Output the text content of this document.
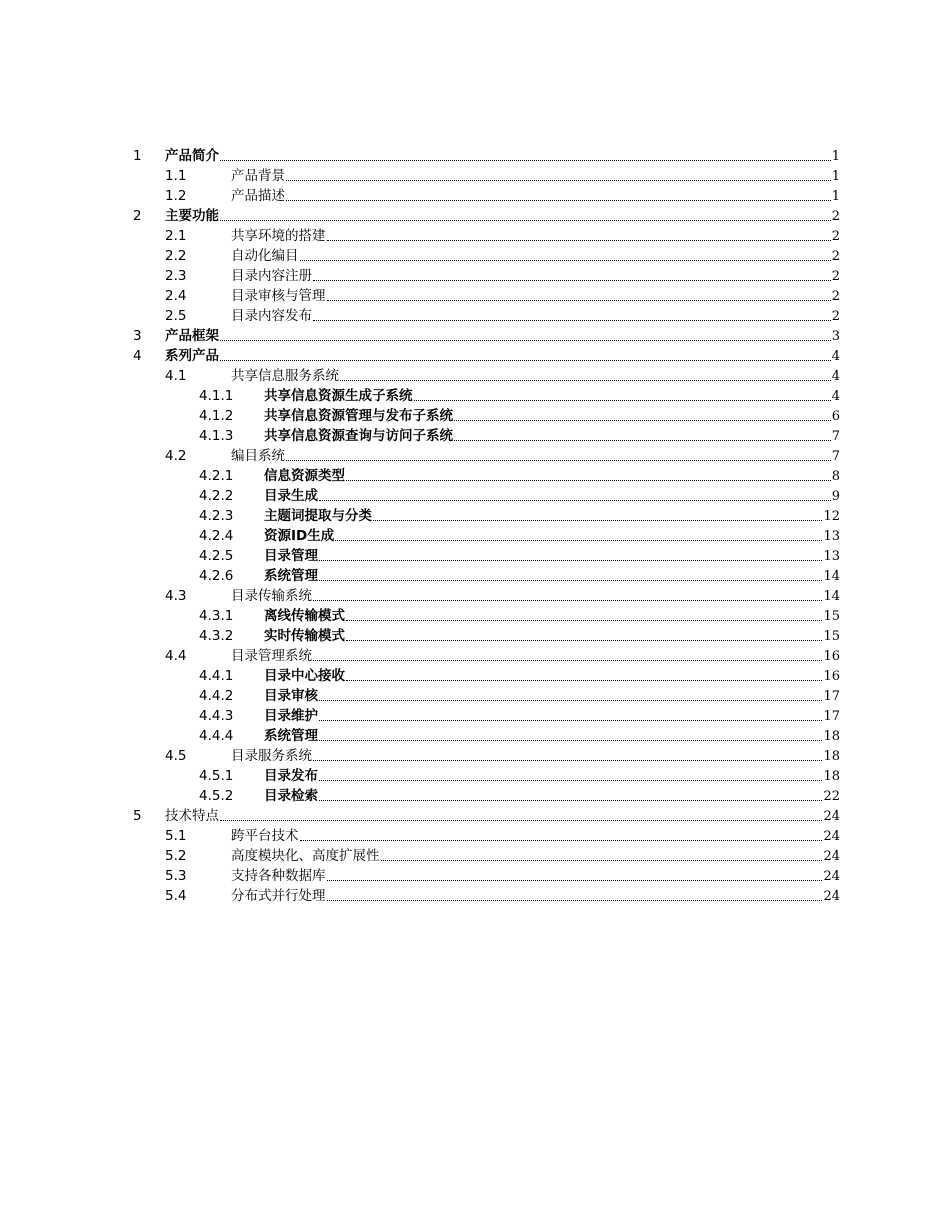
1 产品简介	1
1.1	产品背景	1
1.2	产品描述	1
2 主要功能	2
2.1	共享环境的搭建	2
2.2	自动化编目	2
2.3	目录内容注册	2
2.4	目录审核与管理	2
2.5	目录内容发布	2
3 产品框架	3
4 系列产品	4
4.1	共享信息服务系统	4
4.1.1 共享信息资源生成子系统	4
4.1.2 共享信息资源管理与发布子系统	6
4.1.3 共享信息资源查询与访问子系统	7
4.2	编目系统	7
4.2.1 信息资源类型	8
4.2.2 目录生成	9
4.2.3 主题词提取与分类	12
4.2.4 资源ID生成	13
4.2.5 目录管理	13
4.2.6 系统管理	14
4.3	目录传输系统	14
4.3.1 离线传输模式	15
4.3.2 实时传输模式	15
4.4	目录管理系统	16
4.4.1 目录中心接收	16
4.4.2 目录审核	17
4.4.3 目录维护	17
4.4.4 系统管理	18
4.5	目录服务系统	18
4.5.1 目录发布	18
4.5.2 目录检索	22
5 技术特点	24
5.1	跨平台技术	24
5.2	高度模块化、高度扩展性	24
5.3	支持各种数据库	24
5.4	分布式并行处理	24
